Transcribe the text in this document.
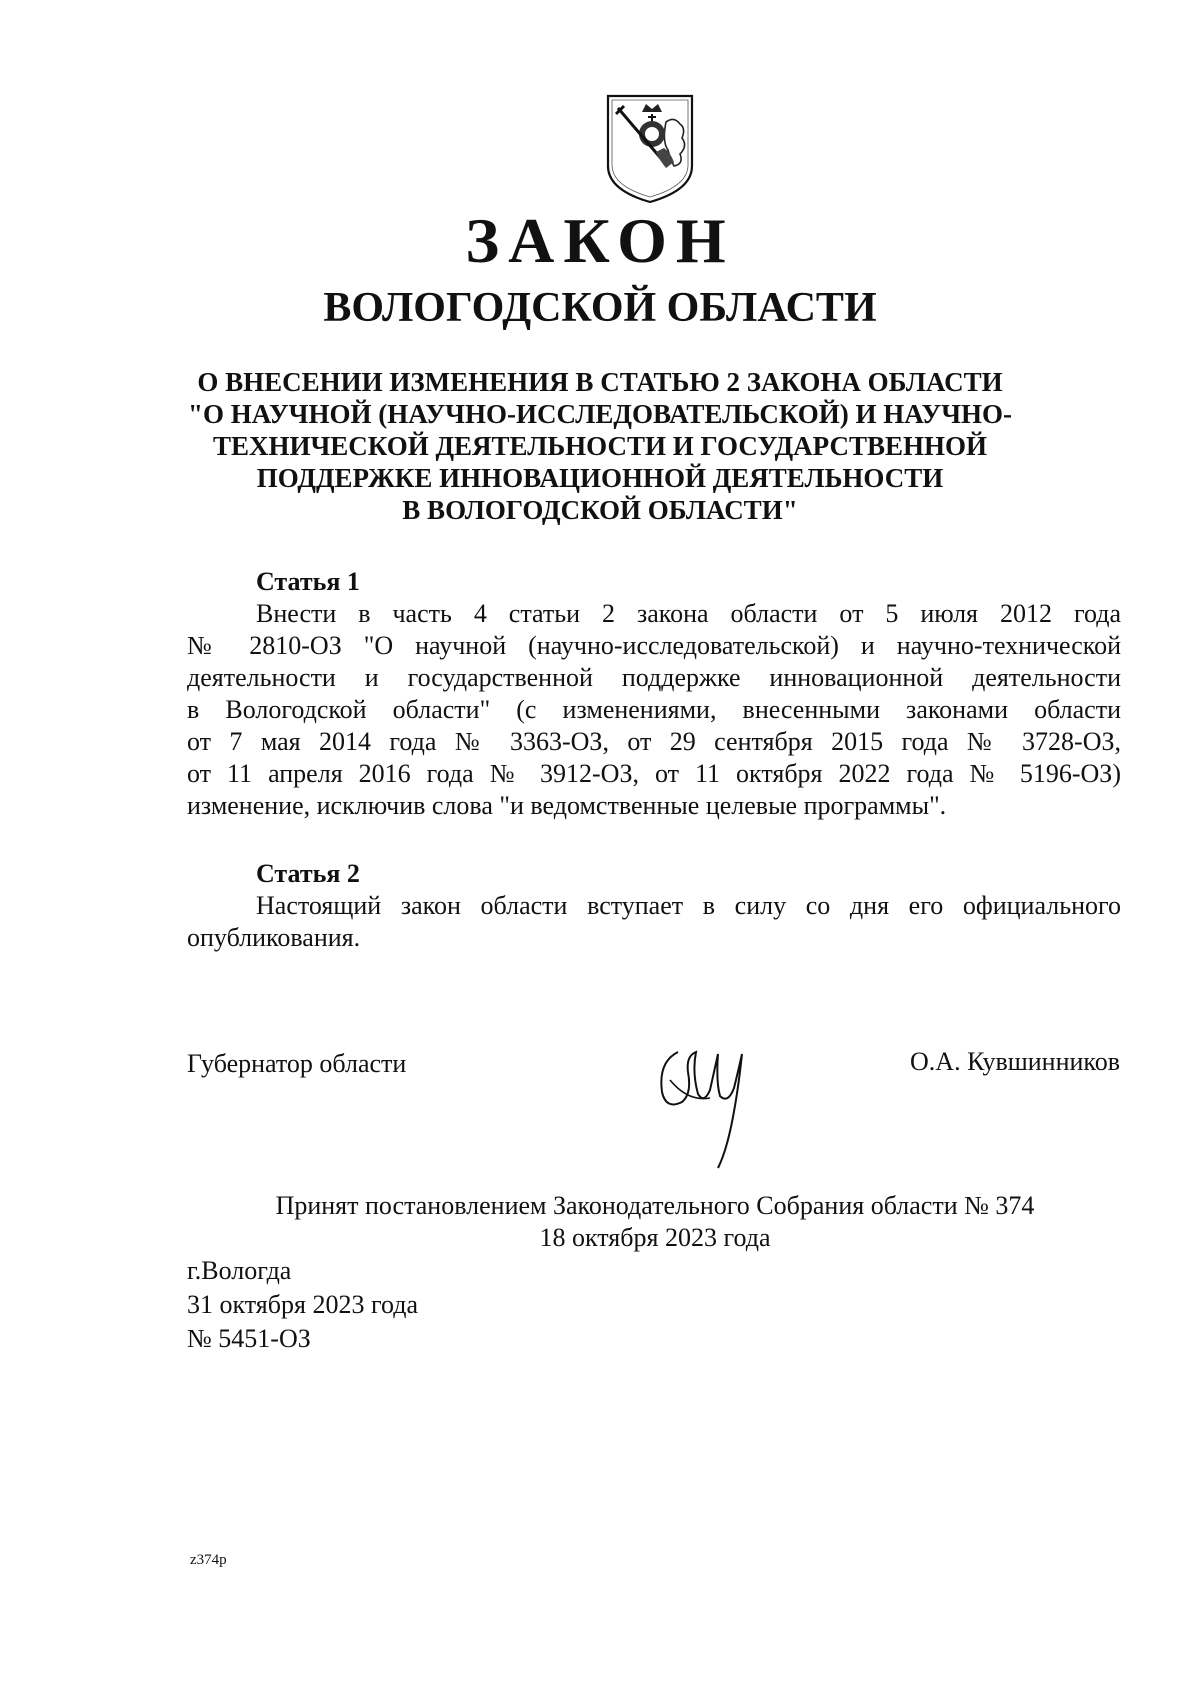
ЗАКОН
ВОЛОГОДСКОЙ ОБЛАСТИ
О ВНЕСЕНИИ ИЗМЕНЕНИЯ В СТАТЬЮ 2 ЗАКОНА ОБЛАСТИ
"О НАУЧНОЙ (НАУЧНО-ИССЛЕДОВАТЕЛЬСКОЙ) И НАУЧНО-
ТЕХНИЧЕСКОЙ ДЕЯТЕЛЬНОСТИ И ГОСУДАРСТВЕННОЙ
ПОДДЕРЖКЕ ИННОВАЦИОННОЙ ДЕЯТЕЛЬНОСТИ
В ВОЛОГОДСКОЙ ОБЛАСТИ"
Статья 1
Внести в часть 4 статьи 2 закона области от 5 июля 2012 года
№ 2810-ОЗ "О научной (научно-исследовательской) и научно-технической
деятельности и государственной поддержке инновационной деятельности
в Вологодской области" (с изменениями, внесенными законами области
от 7 мая 2014 года № 3363-ОЗ, от 29 сентября 2015 года № 3728-ОЗ,
от 11 апреля 2016 года № 3912-ОЗ, от 11 октября 2022 года № 5196-ОЗ)
изменение, исключив слова "и ведомственные целевые программы".
Статья 2
Настоящий закон области вступает в силу со дня его официального
опубликования.
Губернатор области	О.А. Кувшинников
Принят постановлением Законодательного Собрания области № 374
18 октября 2023 года
г.Вологда
31 октября 2023 года
№ 5451-ОЗ
z374p
